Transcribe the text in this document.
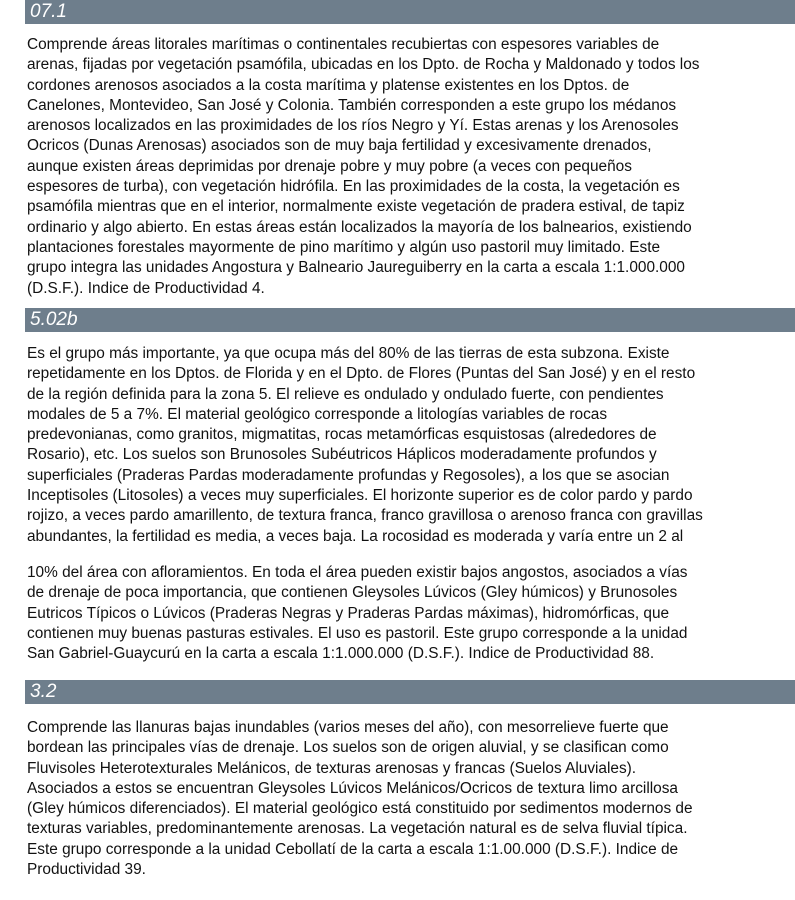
07.1
Comprende áreas litorales marítimas o continentales recubiertas con espesores variables de
arenas, fijadas por vegetación psamófila, ubicadas en los Dpto. de Rocha y Maldonado y todos los
cordones arenosos asociados a la costa marítima y platense existentes en los Dptos. de
Canelones, Montevideo, San José y Colonia. También corresponden a este grupo los médanos
arenosos localizados en las proximidades de los ríos Negro y Yí. Estas arenas y los Arenosoles
Ocricos (Dunas Arenosas) asociados son de muy baja fertilidad y excesivamente drenados,
aunque existen áreas deprimidas por drenaje pobre y muy pobre (a veces con pequeños
espesores de turba), con vegetación hidrófila. En las proximidades de la costa, la vegetación es
psamófila mientras que en el interior, normalmente existe vegetación de pradera estival, de tapiz
ordinario y algo abierto. En estas áreas están localizados la mayoría de los balnearios, existiendo
plantaciones forestales mayormente de pino marítimo y algún uso pastoril muy limitado. Este
grupo integra las unidades Angostura y Balneario Jaureguiberry en la carta a escala 1:1.000.000
(D.S.F.). Indice de Productividad 4.
5.02b
Es el grupo más importante, ya que ocupa más del 80% de las tierras de esta subzona. Existe
repetidamente en los Dptos. de Florida y en el Dpto. de Flores (Puntas del San José) y en el resto
de la región definida para la zona 5. El relieve es ondulado y ondulado fuerte, con pendientes
modales de 5 a 7%. El material geológico corresponde a litologías variables de rocas
predevonianas, como granitos, migmatitas, rocas metamórficas esquistosas (alrededores de
Rosario), etc. Los suelos son Brunosoles Subéutricos Háplicos moderadamente profundos y
superficiales (Praderas Pardas moderadamente profundas y Regosoles), a los que se asocian
Inceptisoles (Litosoles) a veces muy superficiales. El horizonte superior es de color pardo y pardo
rojizo, a veces pardo amarillento, de textura franca, franco gravillosa o arenoso franca con gravillas
abundantes, la fertilidad es media, a veces baja. La rocosidad es moderada y varía entre un 2 al
10% del área con afloramientos. En toda el área pueden existir bajos angostos, asociados a vías
de drenaje de poca importancia, que contienen Gleysoles Lúvicos (Gley húmicos) y Brunosoles
Eutricos Típicos o Lúvicos (Praderas Negras y Praderas Pardas máximas), hidromórficas, que
contienen muy buenas pasturas estivales. El uso es pastoril. Este grupo corresponde a la unidad
San Gabriel-Guaycurú en la carta a escala 1:1.000.000 (D.S.F.). Indice de Productividad 88.
3.2
Comprende las llanuras bajas inundables (varios meses del año), con mesorrelieve fuerte que
bordean las principales vías de drenaje. Los suelos son de origen aluvial, y se clasifican como
Fluvisoles Heterotexturales Melánicos, de texturas arenosas y francas (Suelos Aluviales).
Asociados a estos se encuentran Gleysoles Lúvicos Melánicos/Ocricos de textura limo arcillosa
(Gley húmicos diferenciados). El material geológico está constituido por sedimentos modernos de
texturas variables, predominantemente arenosas. La vegetación natural es de selva fluvial típica.
Este grupo corresponde a la unidad Cebollatí de la carta a escala 1:1.00.000 (D.S.F.). Indice de
Productividad 39.
